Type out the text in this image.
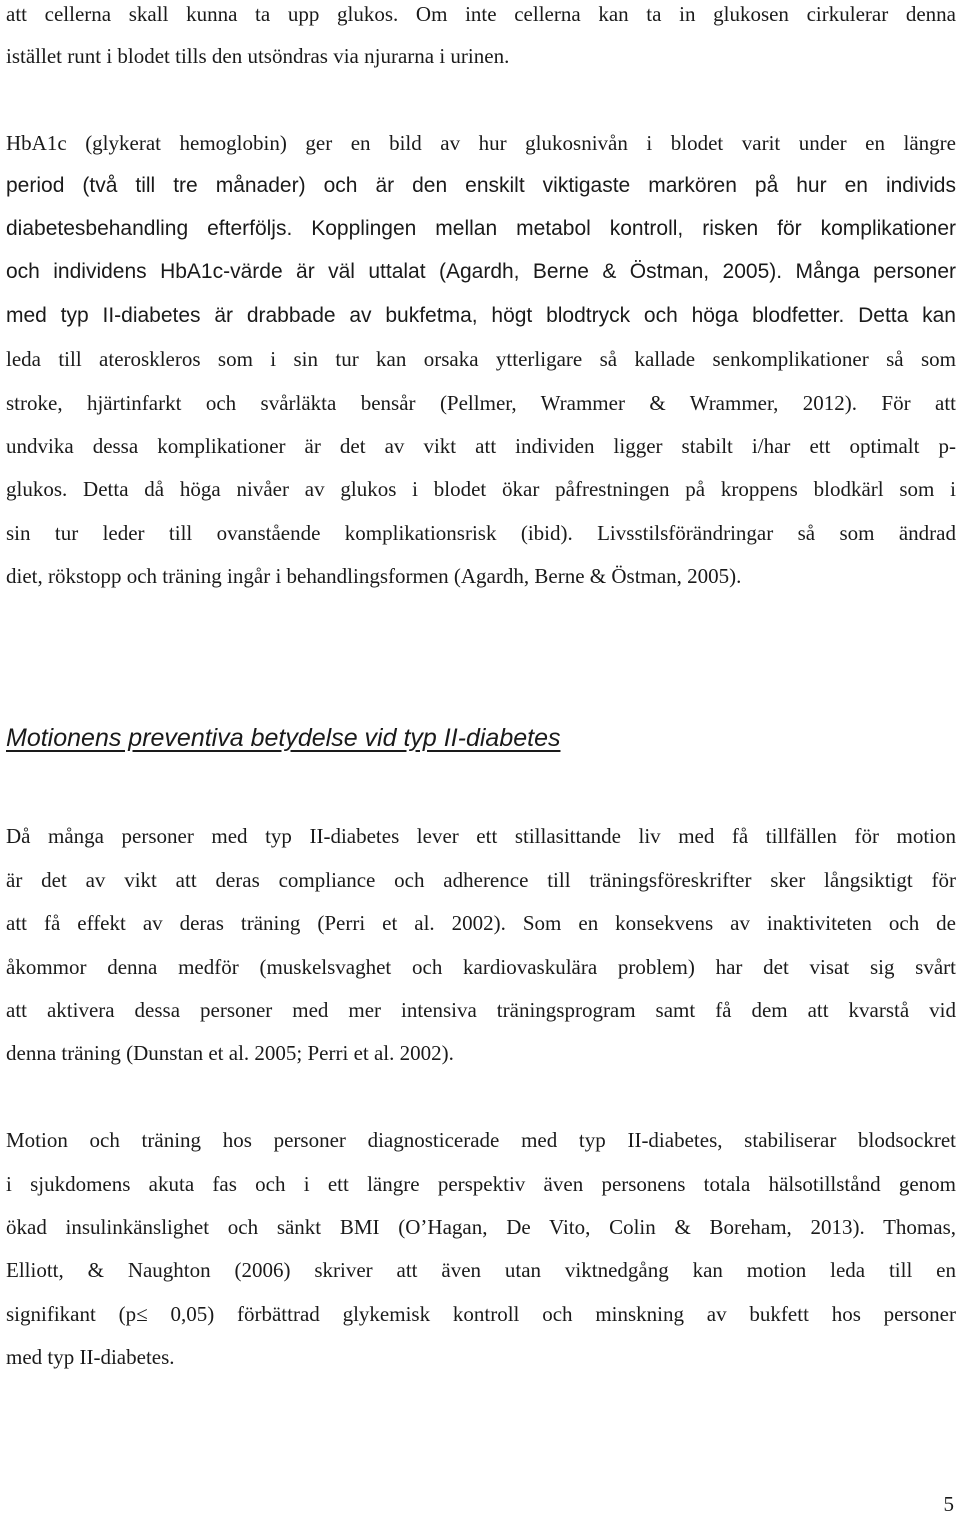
att cellerna skall kunna ta upp glukos. Om inte cellerna kan ta in glukosen cirkulerar denna
istället runt i blodet tills den utsöndras via njurarna i urinen.
HbA1c (glykerat hemoglobin) ger en bild av hur glukosnivån i blodet varit under en längre
period (två till tre månader) och är den enskilt viktigaste markören på hur en individs
diabetesbehandling efterföljs. Kopplingen mellan metabol kontroll, risken för komplikationer
och individens HbA1c-värde är väl uttalat (Agardh, Berne & Östman, 2005). Många personer
med typ II-diabetes är drabbade av bukfetma, högt blodtryck och höga blodfetter. Detta kan
leda till ateroskleros som i sin tur kan orsaka ytterligare så kallade senkomplikationer så som
stroke, hjärtinfarkt och svårläkta bensår (Pellmer, Wrammer & Wrammer, 2012). För att
undvika dessa komplikationer är det av vikt att individen ligger stabilt i/har ett optimalt p-
glukos. Detta då höga nivåer av glukos i blodet ökar påfrestningen på kroppens blodkärl som i
sin tur leder till ovanstående komplikationsrisk (ibid). Livsstilsförändringar så som ändrad
diet, rökstopp och träning ingår i behandlingsformen (Agardh, Berne & Östman, 2005).
Motionens preventiva betydelse vid typ II-diabetes
Då många personer med typ II-diabetes lever ett stillasittande liv med få tillfällen för motion
är det av vikt att deras compliance och adherence till träningsföreskrifter sker långsiktigt för
att få effekt av deras träning (Perri et al. 2002). Som en konsekvens av inaktiviteten och de
åkommor denna medför (muskelsvaghet och kardiovaskulära problem) har det visat sig svårt
att aktivera dessa personer med mer intensiva träningsprogram samt få dem att kvarstå vid
denna träning (Dunstan et al. 2005; Perri et al. 2002).
Motion och träning hos personer diagnosticerade med typ II-diabetes, stabiliserar blodsockret
i sjukdomens akuta fas och i ett längre perspektiv även personens totala hälsotillstånd genom
ökad insulinkänslighet och sänkt BMI (O’Hagan, De Vito, Colin & Boreham, 2013). Thomas,
Elliott, & Naughton (2006) skriver att även utan viktnedgång kan motion leda till en
signifikant (p≤ 0,05) förbättrad glykemisk kontroll och minskning av bukfett hos personer
med typ II-diabetes.
5
